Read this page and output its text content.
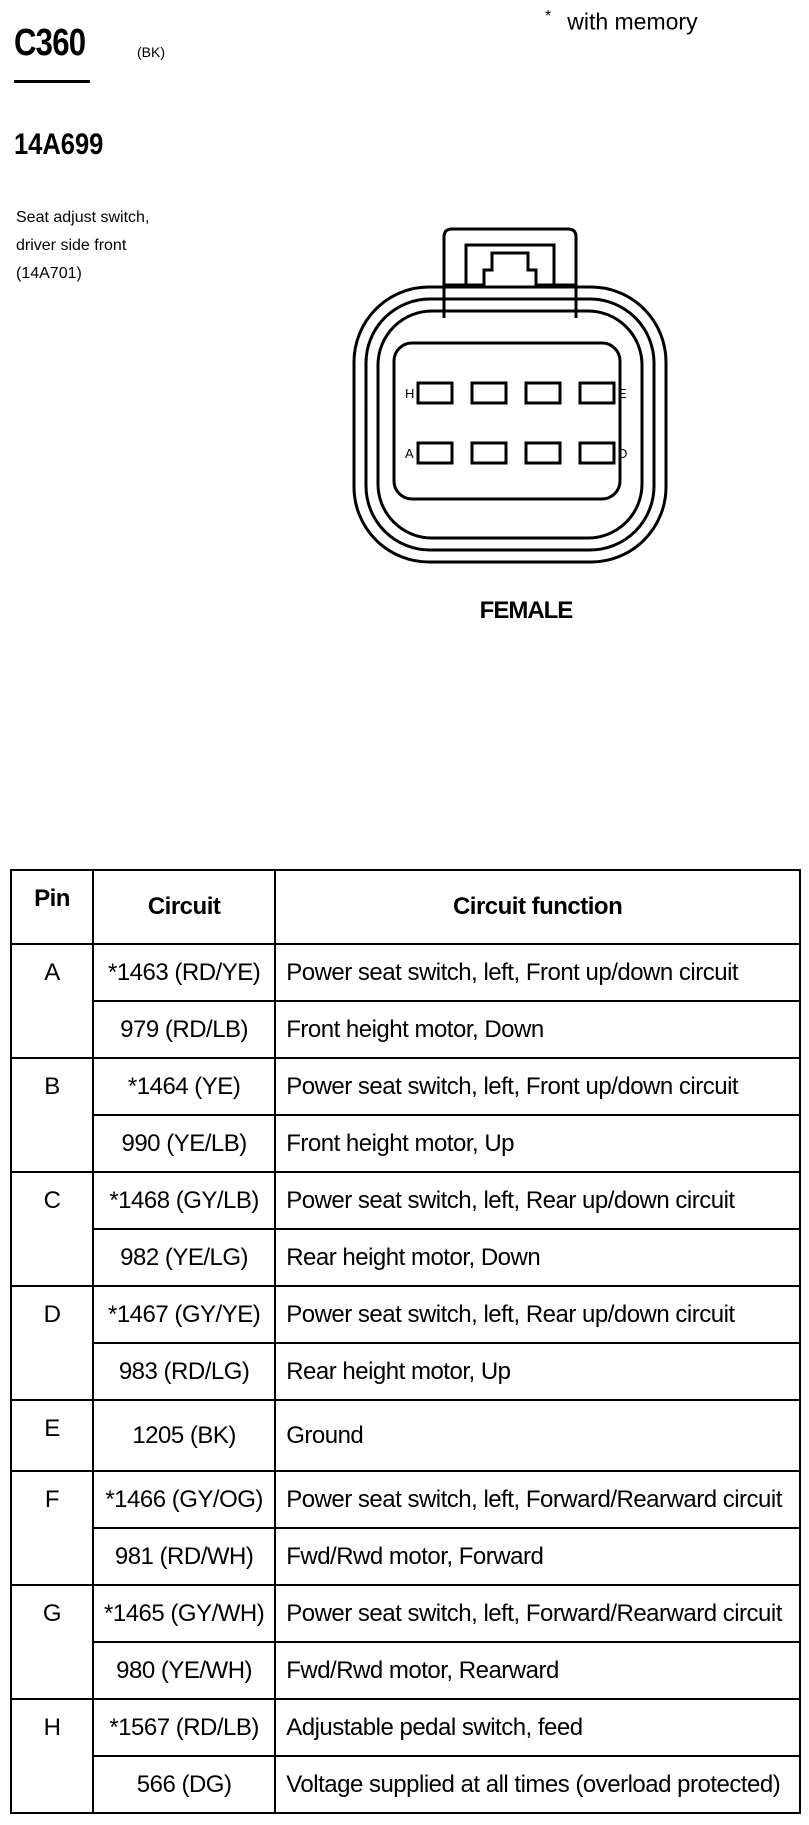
C360	(BK)
* with memory
14A699
Seat adjust switch,
driver side front
(14A701)
H	E
A	D
FEMALE
Pin	Circuit	Circuit function
A	*1463 (RD/YE)	Power seat switch, left, Front up/down circuit
	979 (RD/LB)	Front height motor, Down
B	*1464 (YE)	Power seat switch, left, Front up/down circuit
	990 (YE/LB)	Front height motor, Up
C	*1468 (GY/LB)	Power seat switch, left, Rear up/down circuit
	982 (YE/LG)	Rear height motor, Down
D	*1467 (GY/YE)	Power seat switch, left, Rear up/down circuit
	983 (RD/LG)	Rear height motor, Up
E	1205 (BK)	Ground
F	*1466 (GY/OG)	Power seat switch, left, Forward/Rearward circuit
	981 (RD/WH)	Fwd/Rwd motor, Forward
G	*1465 (GY/WH)	Power seat switch, left, Forward/Rearward circuit
	980 (YE/WH)	Fwd/Rwd motor, Rearward
H	*1567 (RD/LB)	Adjustable pedal switch, feed
	566 (DG)	Voltage supplied at all times (overload protected)
